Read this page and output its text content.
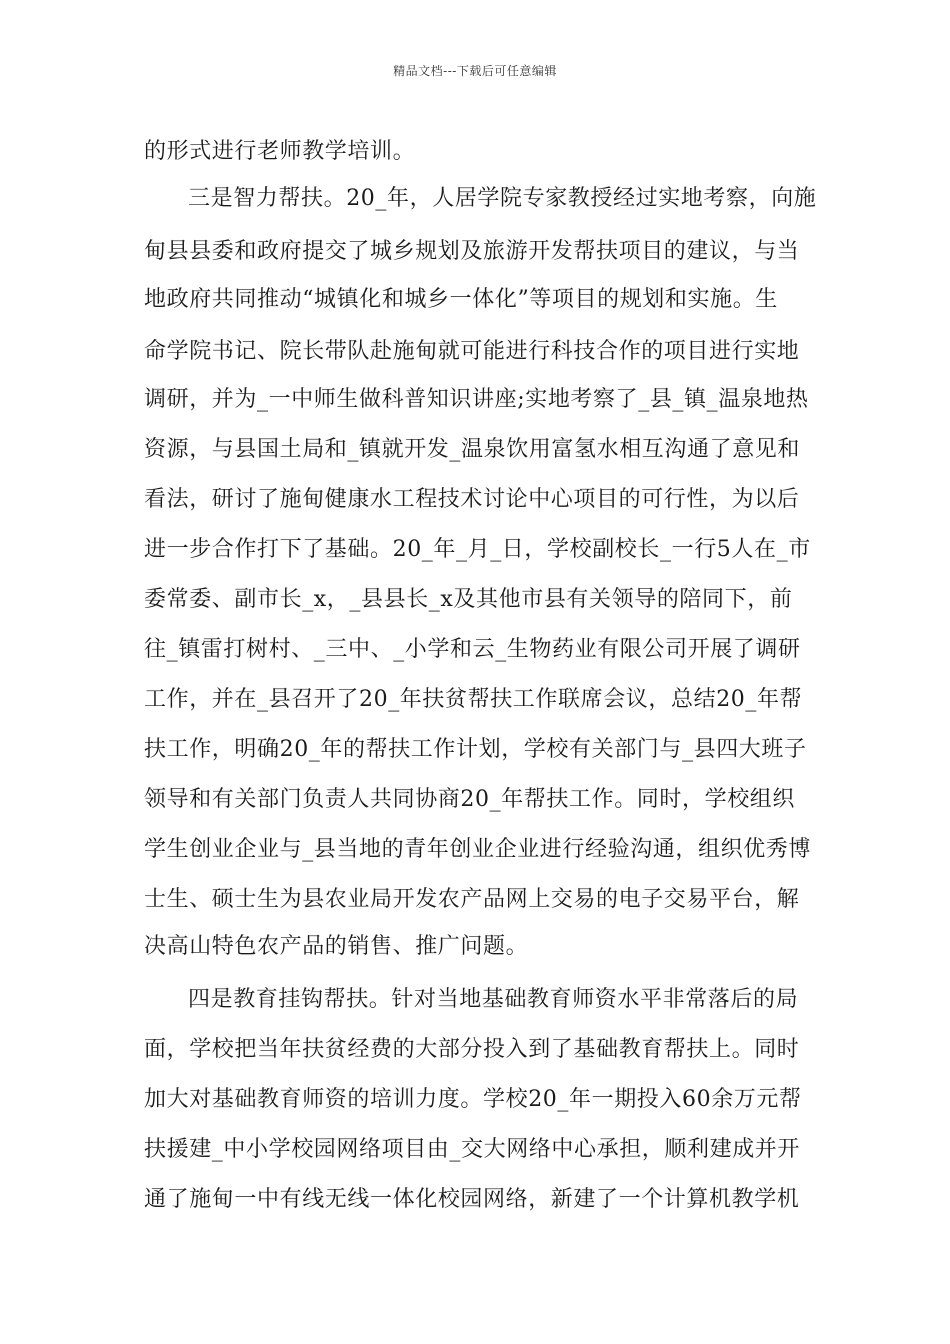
精品文档---下载后可任意编辑
的形式进行老师教学培训。
三是智力帮扶。20_年，人居学院专家教授经过实地考察，向施
甸县县委和政府提交了城乡规划及旅游开发帮扶项目的建议，与当
地政府共同推动“城镇化和城乡一体化”等项目的规划和实施。生
命学院书记、院长带队赴施甸就可能进行科技合作的项目进行实地
调研，并为_一中师生做科普知识讲座;实地考察了_县_镇_温泉地热
资源，与县国土局和_镇就开发_温泉饮用富氢水相互沟通了意见和
看法，研讨了施甸健康水工程技术讨论中心项目的可行性，为以后
进一步合作打下了基础。20_年_月_日，学校副校长_一行5人在_市
委常委、副市长_x，_县县长_x及其他市县有关领导的陪同下，前
往_镇雷打树村、_三中、_小学和云_生物药业有限公司开展了调研
工作，并在_县召开了20_年扶贫帮扶工作联席会议，总结20_年帮
扶工作，明确20_年的帮扶工作计划，学校有关部门与_县四大班子
领导和有关部门负责人共同协商20_年帮扶工作。同时，学校组织
学生创业企业与_县当地的青年创业企业进行经验沟通，组织优秀博
士生、硕士生为县农业局开发农产品网上交易的电子交易平台，解
决高山特色农产品的销售、推广问题。
四是教育挂钩帮扶。针对当地基础教育师资水平非常落后的局
面，学校把当年扶贫经费的大部分投入到了基础教育帮扶上。同时
加大对基础教育师资的培训力度。学校20_年一期投入60余万元帮
扶援建_中小学校园网络项目由_交大网络中心承担，顺利建成并开
通了施甸一中有线无线一体化校园网络，新建了一个计算机教学机
